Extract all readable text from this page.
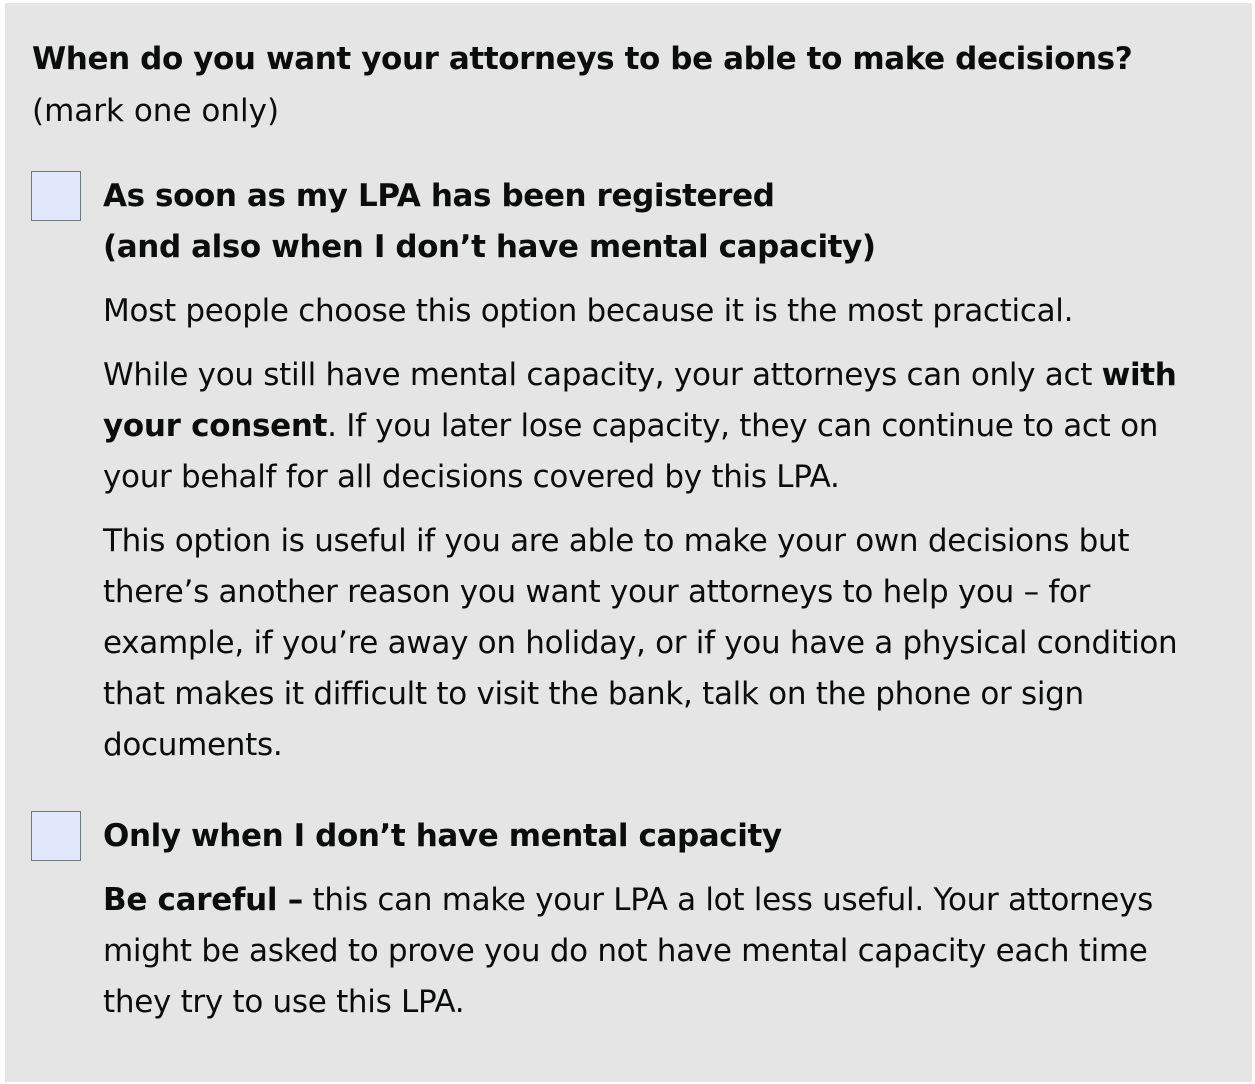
When do you want your attorneys to be able to make decisions?
(mark one only)
As soon as my LPA has been registered
(and also when I don’t have mental capacity)

Most people choose this option because it is the most practical.

While you still have mental capacity, your attorneys can only act with your consent. If you later lose capacity, they can continue to act on your behalf for all decisions covered by this LPA.

This option is useful if you are able to make your own decisions but there’s another reason you want your attorneys to help you – for example, if you’re away on holiday, or if you have a physical condition that makes it difficult to visit the bank, talk on the phone or sign documents.

Only when I don’t have mental capacity

Be careful – this can make your LPA a lot less useful. Your attorneys might be asked to prove you do not have mental capacity each time they try to use this LPA.
